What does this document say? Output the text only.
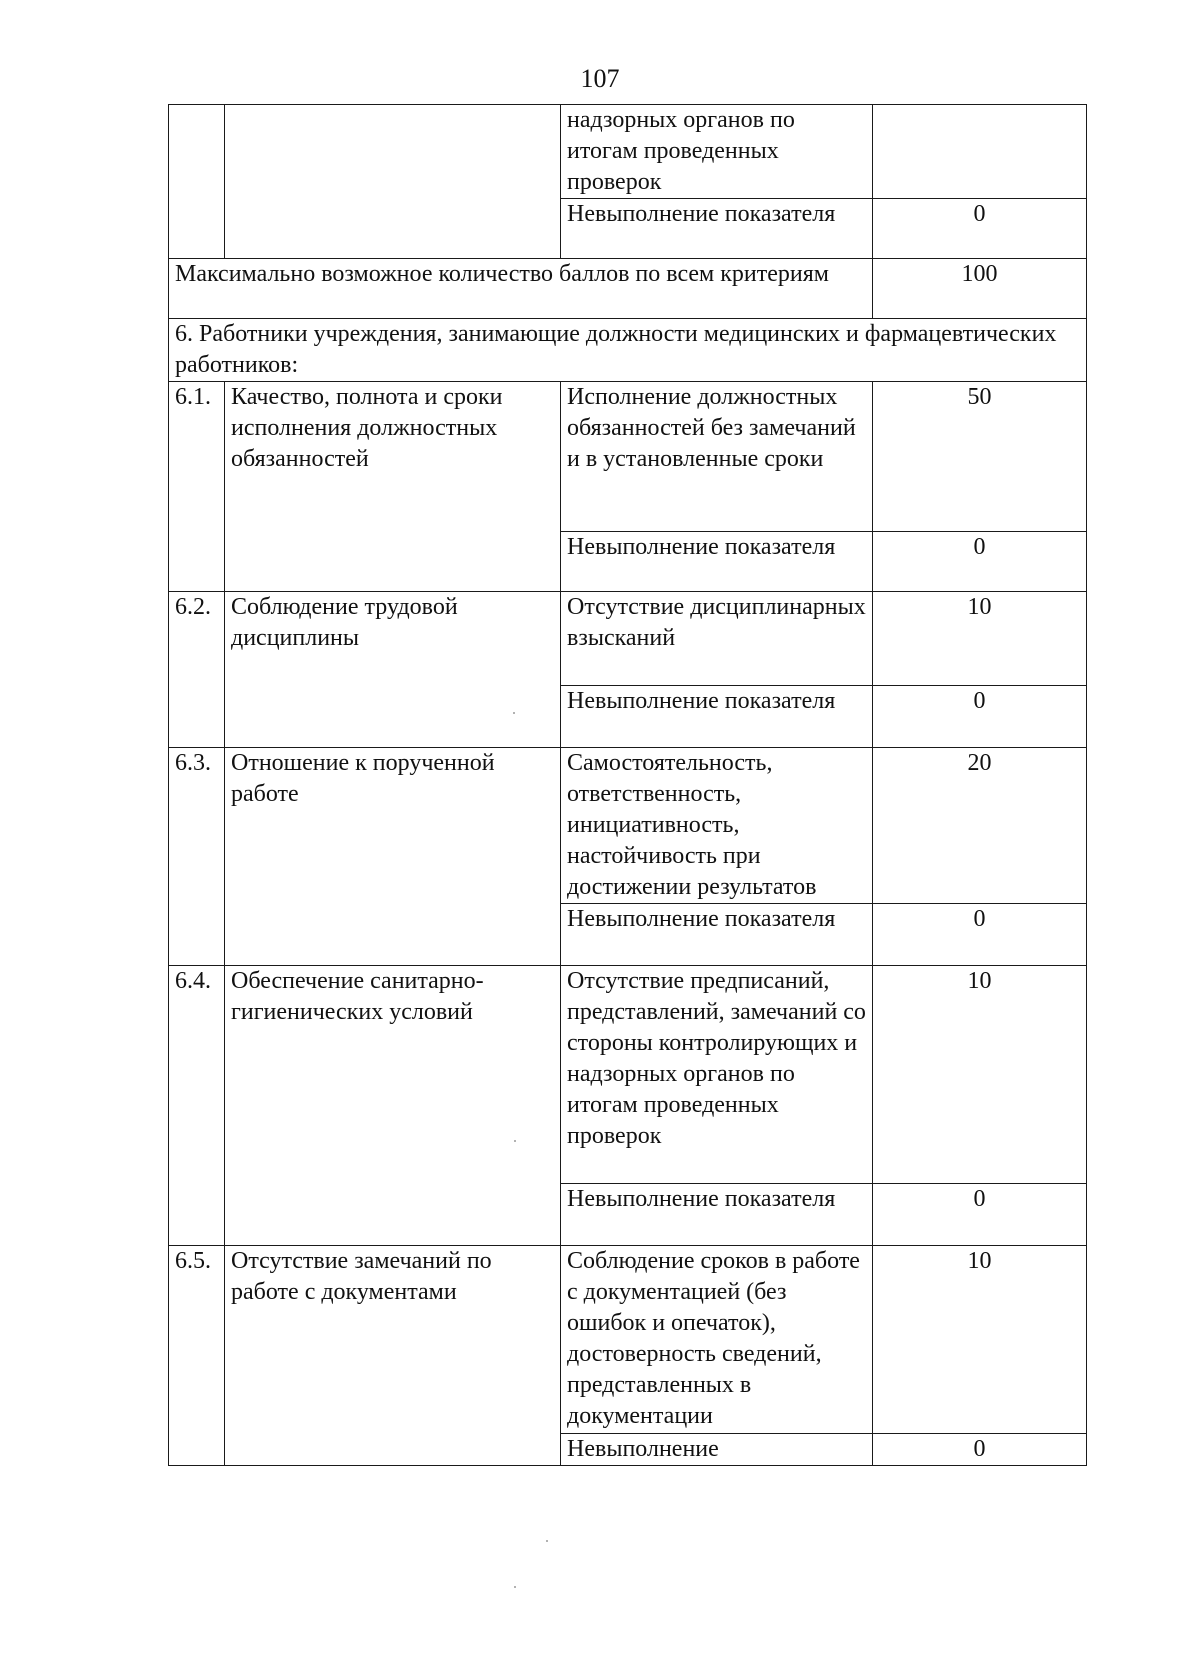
107
		надзорных органов по итогам проведенных проверок	
		Невыполнение показателя	0
Максимально возможное количество баллов по всем критериям			100
6. Работники учреждения, занимающие должности медицинских и фармацевтических работников:			
6.1.	Качество, полнота и сроки исполнения должностных обязанностей	Исполнение должностных обязанностей без замечаний и в установленные сроки	50
		Невыполнение показателя	0
6.2.	Соблюдение трудовой дисциплины	Отсутствие дисциплинарных взысканий	10
		Невыполнение показателя	0
6.3.	Отношение к порученной работе	Самостоятельность, ответственность, инициативность, настойчивость при достижении результатов	20
		Невыполнение показателя	0
6.4.	Обеспечение санитарно-гигиенических условий	Отсутствие предписаний, представлений, замечаний со стороны контролирующих и надзорных органов по итогам проведенных проверок	10
		Невыполнение показателя	0
6.5.	Отсутствие замечаний по работе с документами	Соблюдение сроков в работе с документацией (без ошибок и опечаток), достоверность сведений, представленных в документации	10
		Невыполнение	0
